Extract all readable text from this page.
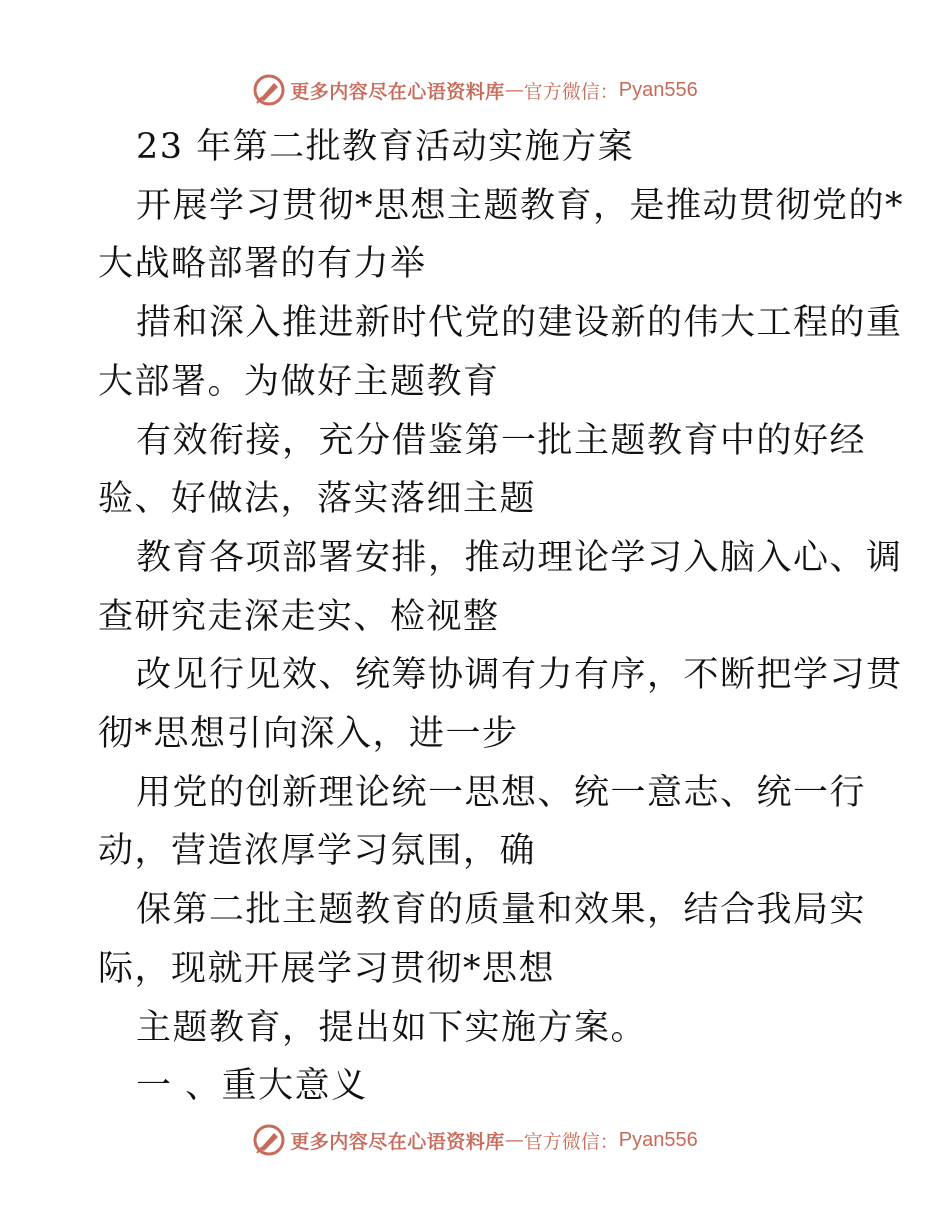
更多内容尽在心语资料库 — 官方微信： Pyan556

23 年第二批教育活动实施方案

开展学习贯彻*思想主题教育，是推动贯彻党的*

大战略部署的有力举

措和深入推进新时代党的建设新的伟大工程的重

大部署。为做好主题教育

有效衔接，充分借鉴第一批主题教育中的好经

验、好做法，落实落细主题

教育各项部署安排，推动理论学习入脑入心、调

查研究走深走实、检视整

改见行见效、统筹协调有力有序，不断把学习贯

彻*思想引向深入，进一步

用党的创新理论统一思想、统一意志、统一行

动，营造浓厚学习氛围，确

保第二批主题教育的质量和效果，结合我局实

际，现就开展学习贯彻*思想

主题教育，提出如下实施方案。

一 、重大意义

更多内容尽在心语资料库 — 官方微信： Pyan556
